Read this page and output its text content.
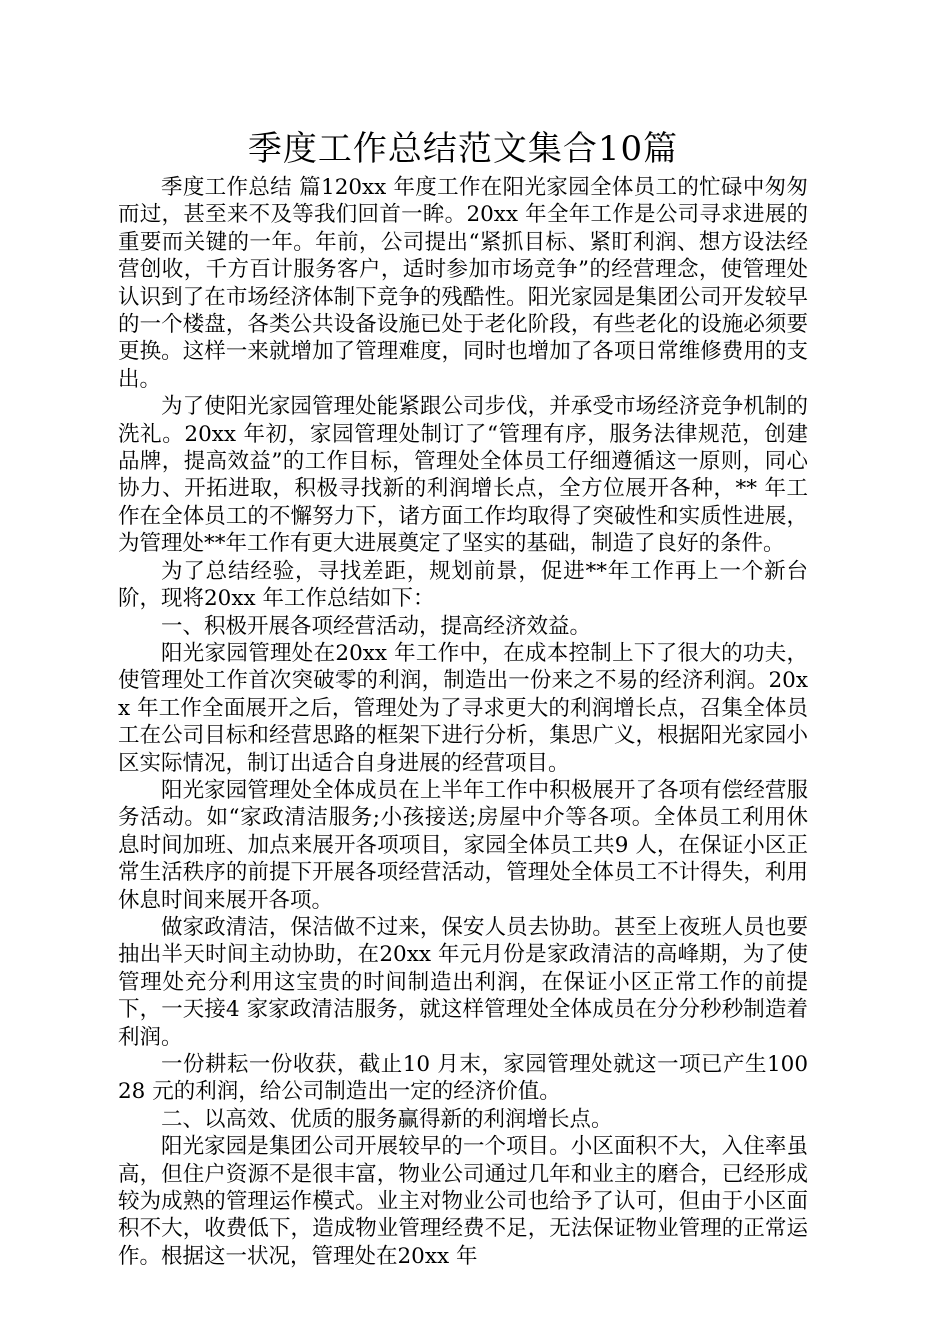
季度工作总结范文集合10篇

季度工作总结 篇120xx 年度工作在阳光家园全体员工的忙碌中匆匆而过，甚至来不及等我们回首一眸。20xx 年全年工作是公司寻求进展的重要而关键的一年。年前，公司提出“紧抓目标、紧盯利润、想方设法经营创收，千方百计服务客户，适时参加市场竞争”的经营理念，使管理处认识到了在市场经济体制下竞争的残酷性。阳光家园是集团公司开发较早的一个楼盘，各类公共设备设施已处于老化阶段，有些老化的设施必须要更换。这样一来就增加了管理难度，同时也增加了各项日常维修费用的支出。

为了使阳光家园管理处能紧跟公司步伐，并承受市场经济竞争机制的洗礼。20xx 年初，家园管理处制订了“管理有序，服务法律规范，创建品牌，提高效益”的工作目标，管理处全体员工仔细遵循这一原则，同心协力、开拓进取，积极寻找新的利润增长点，全方位展开各种，** 年工作在全体员工的不懈努力下，诸方面工作均取得了突破性和实质性进展，为管理处**年工作有更大进展奠定了坚实的基础，制造了良好的条件。

为了总结经验，寻找差距，规划前景，促进**年工作再上一个新台阶，现将20xx 年工作总结如下：

一、积极开展各项经营活动，提高经济效益。

阳光家园管理处在20xx 年工作中，在成本控制上下了很大的功夫，使管理处工作首次突破零的利润，制造出一份来之不易的经济利润。20xx 年工作全面展开之后，管理处为了寻求更大的利润增长点，召集全体员工在公司目标和经营思路的框架下进行分析，集思广义，根据阳光家园小区实际情况，制订出适合自身进展的经营项目。

阳光家园管理处全体成员在上半年工作中积极展开了各项有偿经营服务活动。如“家政清洁服务;小孩接送;房屋中介等各项。全体员工利用休息时间加班、加点来展开各项项目，家园全体员工共9 人，在保证小区正常生活秩序的前提下开展各项经营活动，管理处全体员工不计得失，利用休息时间来展开各项。

做家政清洁，保洁做不过来，保安人员去协助。甚至上夜班人员也要抽出半天时间主动协助，在20xx 年元月份是家政清洁的高峰期，为了使管理处充分利用这宝贵的时间制造出利润，在保证小区正常工作的前提下，一天接4 家家政清洁服务，就这样管理处全体成员在分分秒秒制造着利润。

一份耕耘一份收获，截止10 月末，家园管理处就这一项已产生10028 元的利润，给公司制造出一定的经济价值。

二、以高效、优质的服务赢得新的利润增长点。

阳光家园是集团公司开展较早的一个项目。小区面积不大，入住率虽高，但住户资源不是很丰富，物业公司通过几年和业主的磨合，已经形成较为成熟的管理运作模式。业主对物业公司也给予了认可，但由于小区面积不大，收费低下，造成物业管理经费不足，无法保证物业管理的正常运作。根据这一状况，管理处在20xx 年
